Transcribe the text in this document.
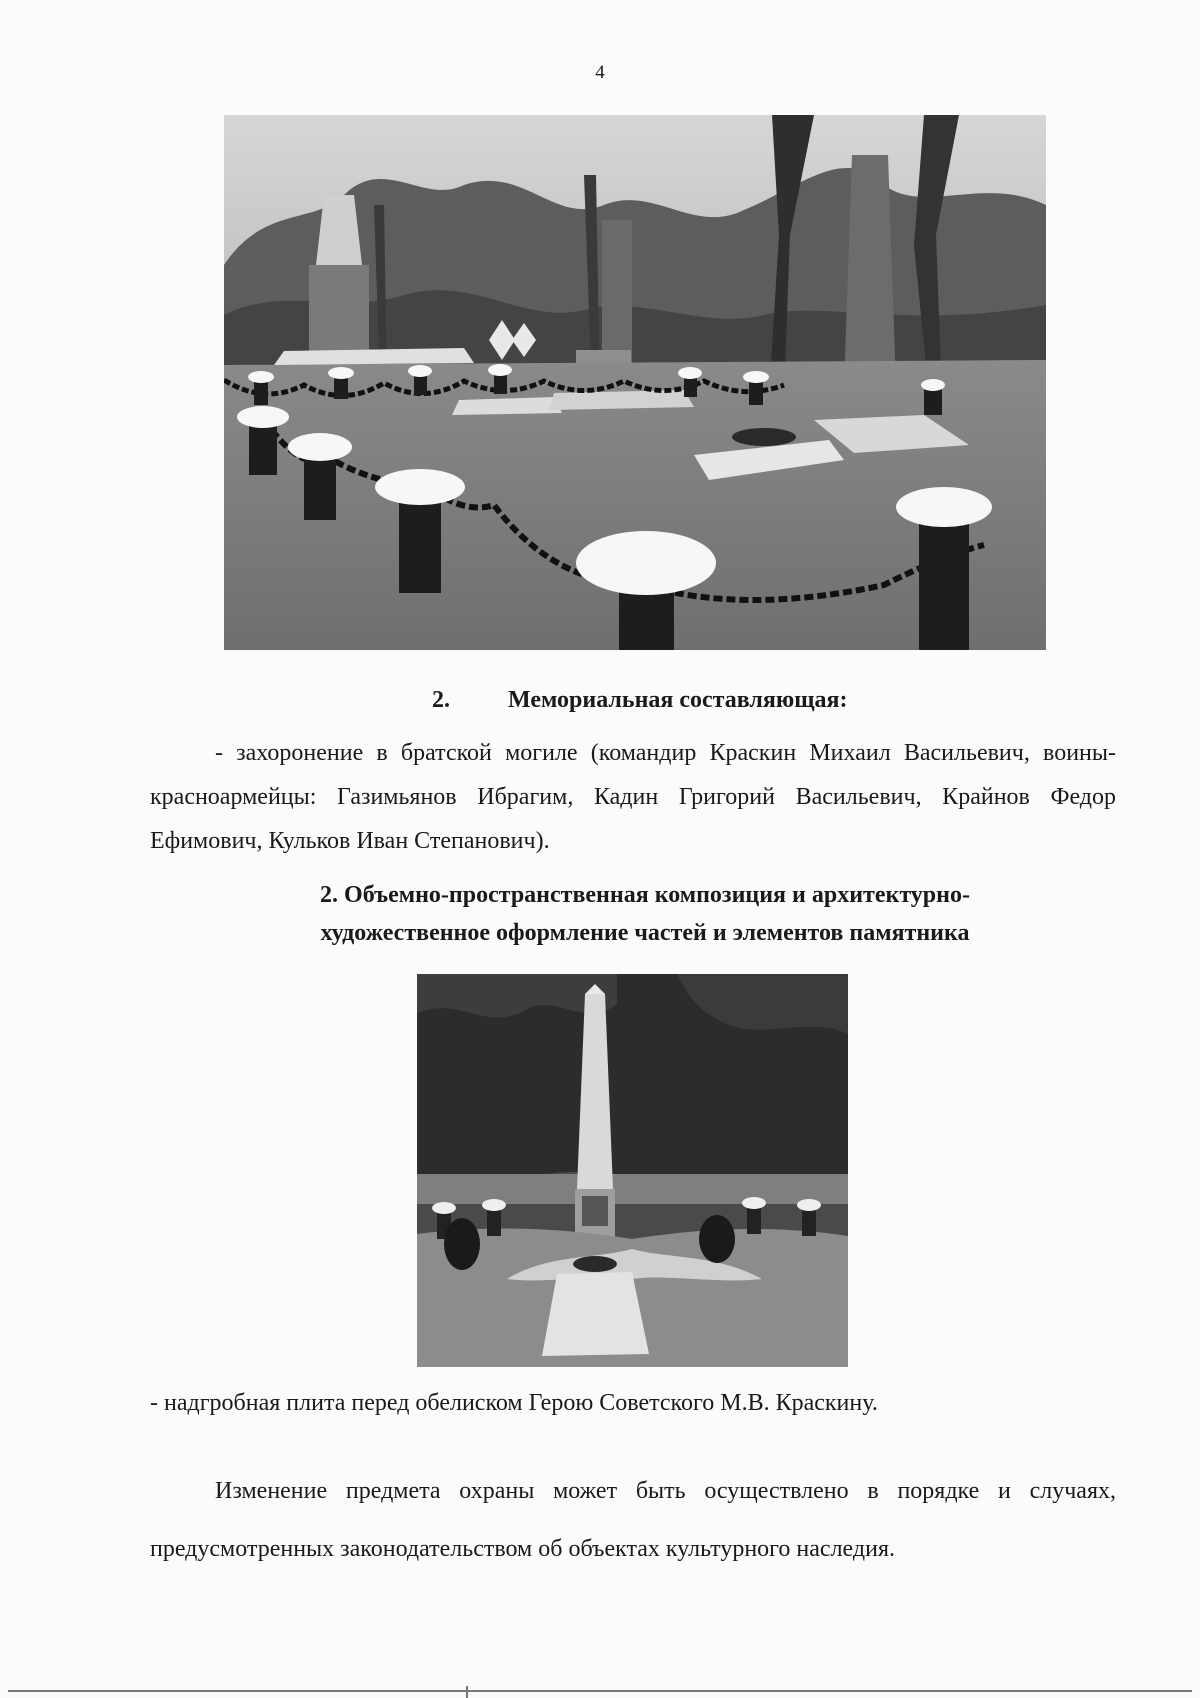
4
2. Мемориальная составляющая:

- захоронение в братской могиле (командир Краскин Михаил Васильевич, воины-красноармейцы: Газимьянов Ибрагим, Кадин Григорий Васильевич, Крайнов Федор Ефимович, Кульков Иван Степанович).

2. Объемно-пространственная композиция и архитектурно-
художественное оформление частей и элементов памятника
- надгробная плита перед обелиском Герою Советского М.В. Краскину.

Изменение предмета охраны может быть осуществлено в порядке и случаях, предусмотренных законодательством об объектах культурного наследия.
